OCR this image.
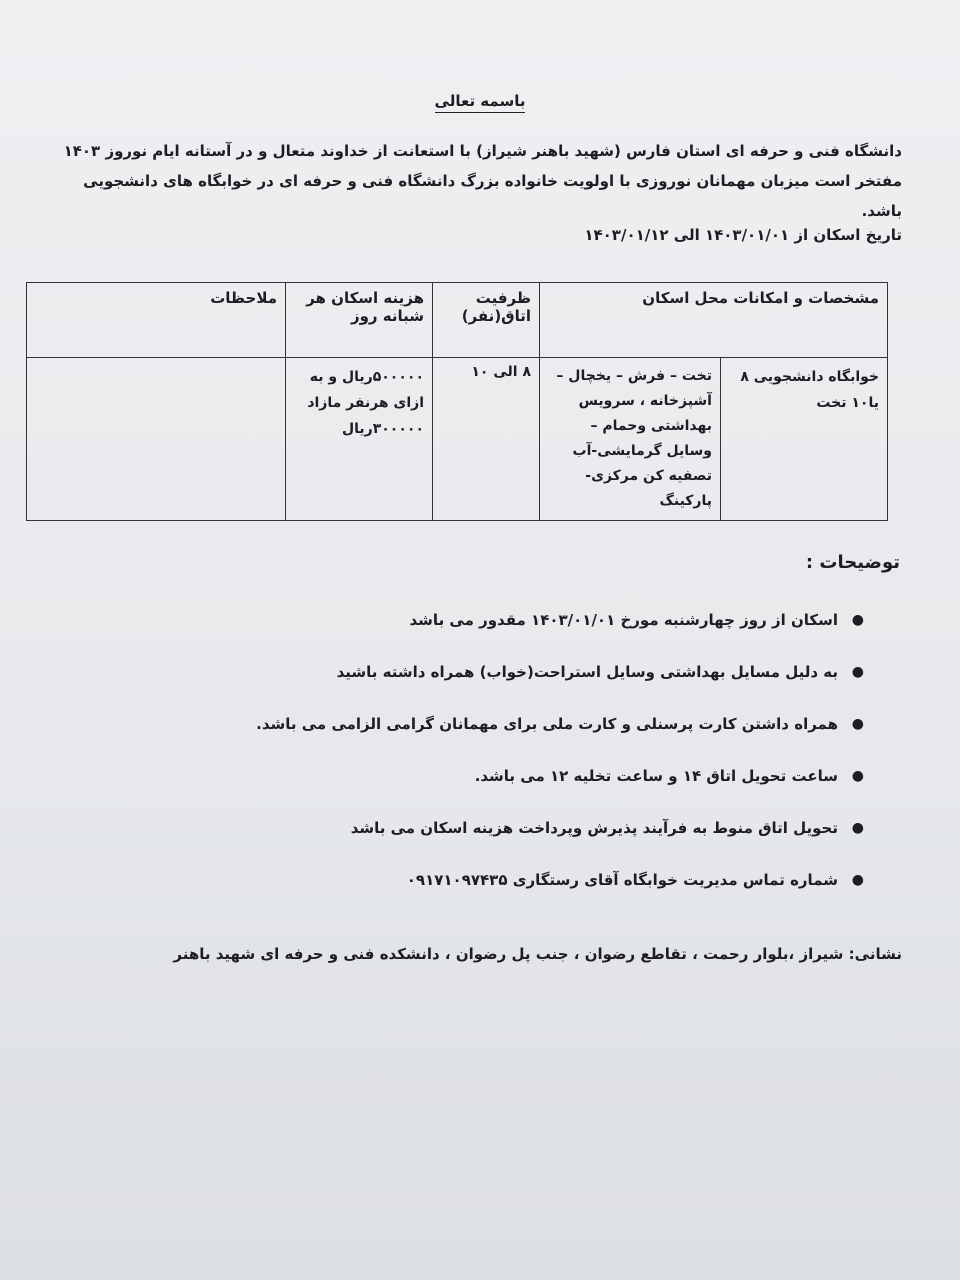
باسمه تعالی

دانشگاه فنی و حرفه ای استان فارس (شهید باهنر شیراز) با استعانت از خداوند متعال و در آستانه ایام نوروز ۱۴۰۳

مفتخر است میزبان مهمانان نوروزی با اولویت خانواده بزرگ دانشگاه فنی و حرفه ای در خوابگاه های دانشجویی باشد.

تاریخ اسکان از ۱۴۰۳/۰۱/۰۱ الی ۱۴۰۳/۰۱/۱۲
مشخصات و امکانات محل اسکان		ظرفیت اتاق(نفر)	هزینه اسکان هر شبانه روز	ملاحظات
خوابگاه دانشجویی ۸ یا۱۰ تخت	تخت – فرش – یخچال – آشپزخانه ، سرویس بهداشتی وحمام –وسایل گرمایشی-آب تصفیه کن مرکزی-پارکینگ	۸ الی ۱۰	۵۰۰۰۰۰ریال و به ازای هرنفر مازاد ۳۰۰۰۰۰ریال	
توضیحات :
●
اسکان از روز چهارشنبه مورخ ۱۴۰۳/۰۱/۰۱ مقدور می باشد
●
به دلیل مسایل بهداشتی وسایل استراحت(خواب) همراه داشته باشید
●
همراه داشتن کارت پرسنلی و کارت ملی برای مهمانان گرامی الزامی می باشد.
●
ساعت تحویل اتاق ۱۴ و ساعت تخلیه ۱۲ می باشد.
●
تحویل اتاق منوط به فرآیند پذیرش وپرداخت هزینه اسکان می باشد
●
شماره تماس مدیریت خوابگاه آقای رستگاری ۰۹۱۷۱۰۹۷۴۳۵
نشانی: شیراز ،بلوار رحمت ، تقاطع رضوان ، جنب پل رضوان ، دانشکده فنی و حرفه ای شهید باهنر
